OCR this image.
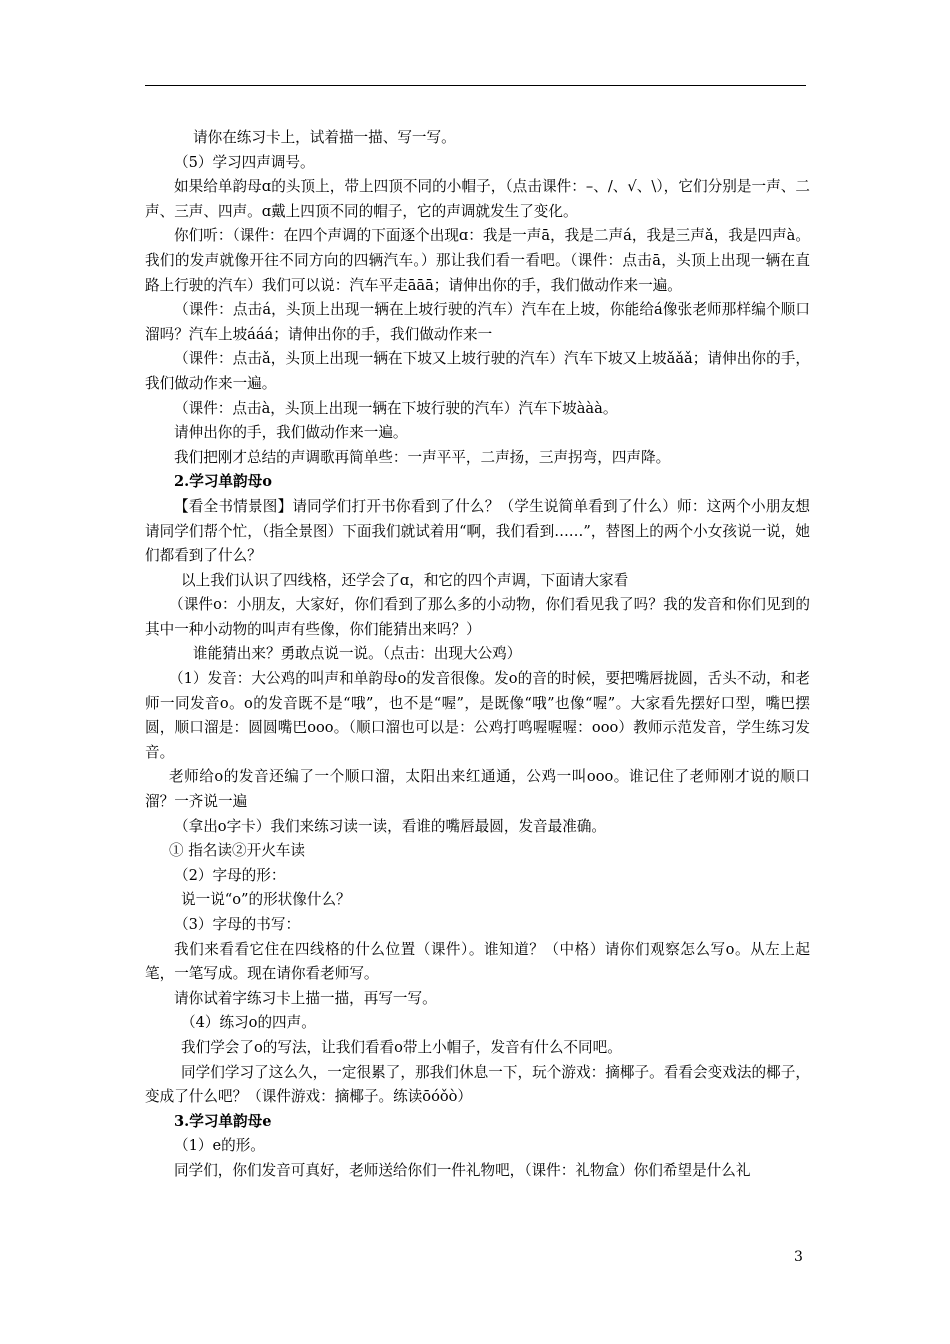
请你在练习卡上，试着描一描、写一写。

（5）学习四声调号。

如果给单韵母ɑ的头顶上，带上四顶不同的小帽子，（点击课件：–、/、√、\），它们分别是一声、二声、三声、四声。ɑ戴上四顶不同的帽子，它的声调就发生了变化。

你们听：（课件：在四个声调的下面逐个出现ɑ：我是一声ā，我是二声á，我是三声ǎ，我是四声à。我们的发声就像开往不同方向的四辆汽车。）那让我们看一看吧。（课件：点击ā，头顶上出现一辆在直路上行驶的汽车）我们可以说：汽车平走āāā；请伸出你的手，我们做动作来一遍。

（课件：点击á，头顶上出现一辆在上坡行驶的汽车）汽车在上坡，你能给á像张老师那样编个顺口溜吗？汽车上坡ááá；请伸出你的手，我们做动作来一

（课件：点击ǎ，头顶上出现一辆在下坡又上坡行驶的汽车）汽车下坡又上坡ǎǎǎ；请伸出你的手，我们做动作来一遍。

（课件：点击à，头顶上出现一辆在下坡行驶的汽车）汽车下坡ààà。

请伸出你的手，我们做动作来一遍。

我们把刚才总结的声调歌再简单些：一声平平，二声扬，三声拐弯，四声降。

2.学习单韵母o

【看全书情景图】请同学们打开书你看到了什么？（学生说简单看到了什么）师：这两个小朋友想请同学们帮个忙，（指全景图）下面我们就试着用“啊，我们看到……”，替图上的两个小女孩说一说，她们都看到了什么？

以上我们认识了四线格，还学会了ɑ，和它的四个声调，下面请大家看

（课件o：小朋友，大家好，你们看到了那么多的小动物，你们看见我了吗？我的发音和你们见到的其中一种小动物的叫声有些像，你们能猜出来吗？）

谁能猜出来？勇敢点说一说。（点击：出现大公鸡）

（1）发音：大公鸡的叫声和单韵母o的发音很像。发o的音的时候，要把嘴唇拢圆，舌头不动，和老师一同发音o。o的发音既不是“哦”，也不是“喔”，是既像“哦”也像“喔”。大家看先摆好口型，嘴巴摆圆，顺口溜是：圆圆嘴巴ooo。（顺口溜也可以是：公鸡打鸣喔喔喔：ooo）教师示范发音，学生练习发音。

老师给o的发音还编了一个顺口溜，太阳出来红通通，公鸡一叫ooo。谁记住了老师刚才说的顺口溜？一齐说一遍

（拿出o字卡）我们来练习读一读，看谁的嘴唇最圆，发音最准确。

① 指名读②开火车读

（2）字母的形：

说一说“o”的形状像什么？

（3）字母的书写：

我们来看看它住在四线格的什么位置（课件）。谁知道？（中格）请你们观察怎么写o。从左上起笔，一笔写成。现在请你看老师写。

请你试着字练习卡上描一描，再写一写。

（4）练习o的四声。

我们学会了o的写法，让我们看看o带上小帽子，发音有什么不同吧。

同学们学习了这么久，一定很累了，那我们休息一下，玩个游戏：摘椰子。看看会变戏法的椰子，变成了什么吧？（课件游戏：摘椰子。练读ōóǒò）

3.学习单韵母e

（1）e的形。

同学们，你们发音可真好，老师送给你们一件礼物吧，（课件：礼物盒）你们希望是什么礼

3
